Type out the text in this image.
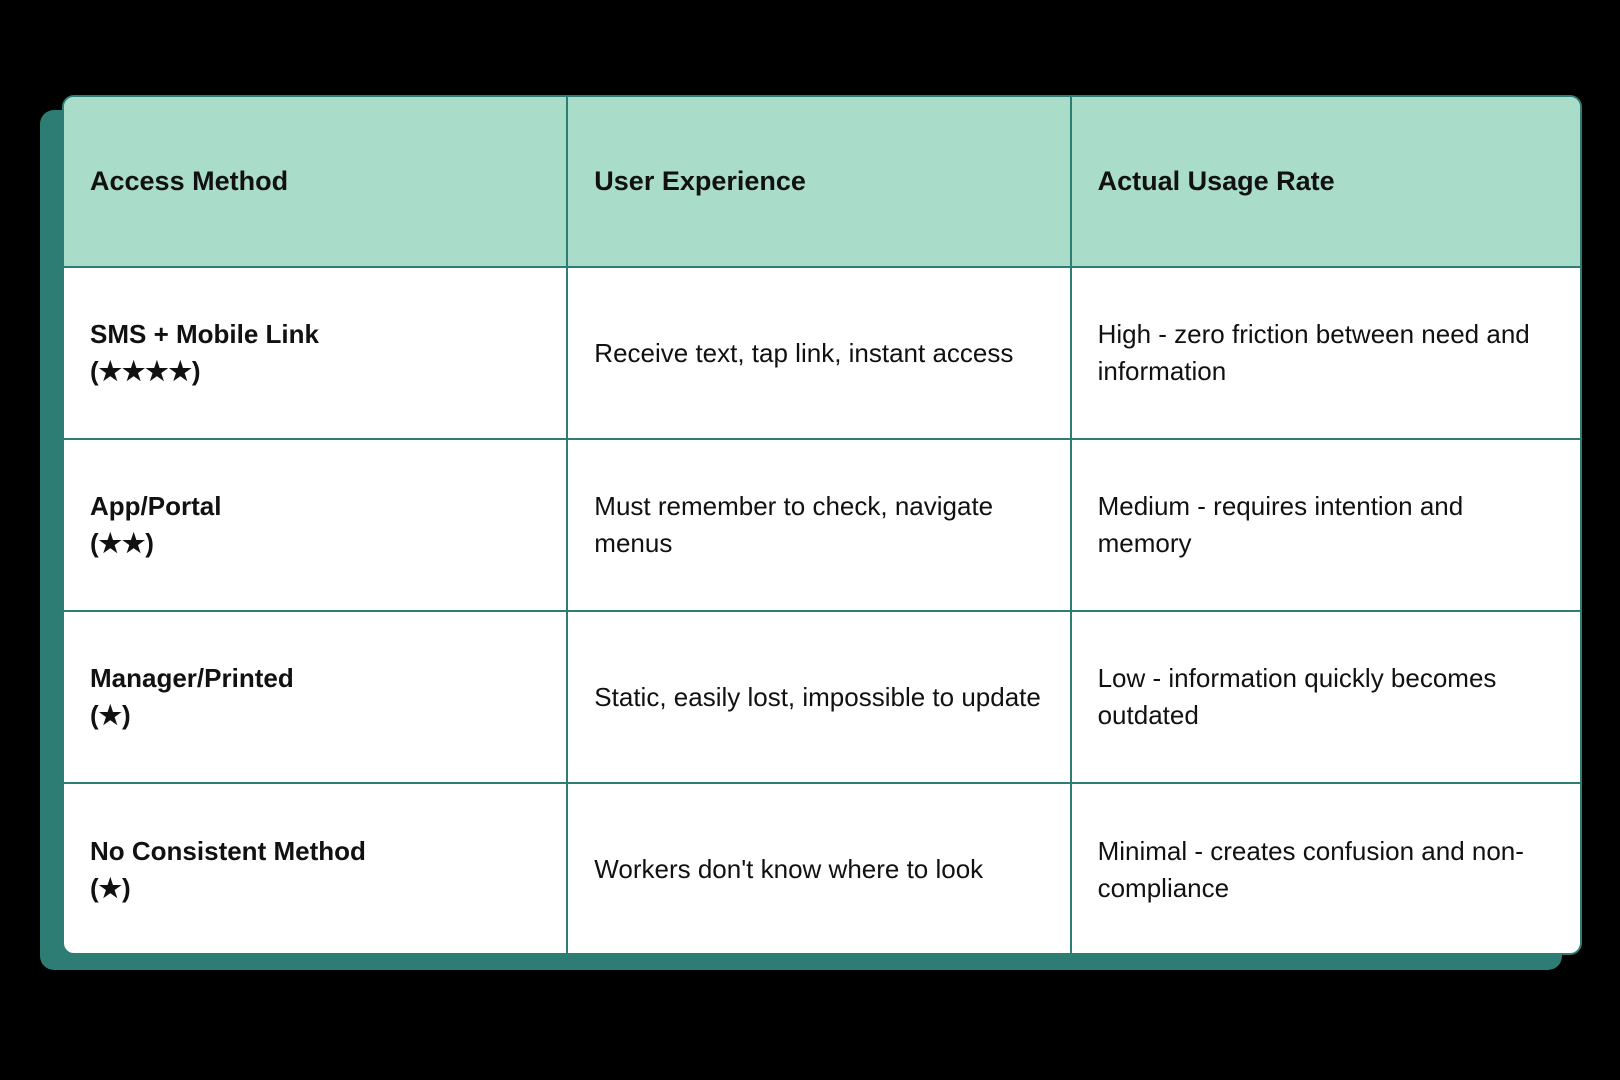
Access Method	User Experience	Actual Usage Rate

SMS + Mobile Link
(★★★★)	Receive text, tap link, instant access	High - zero friction between need and information

App/Portal
(★★)	Must remember to check, navigate menus	Medium - requires intention and memory

Manager/Printed
(★)	Static, easily lost, impossible to update	Low - information quickly becomes outdated

No Consistent Method
(★)	Workers don't know where to look	Minimal - creates confusion and non-compliance
